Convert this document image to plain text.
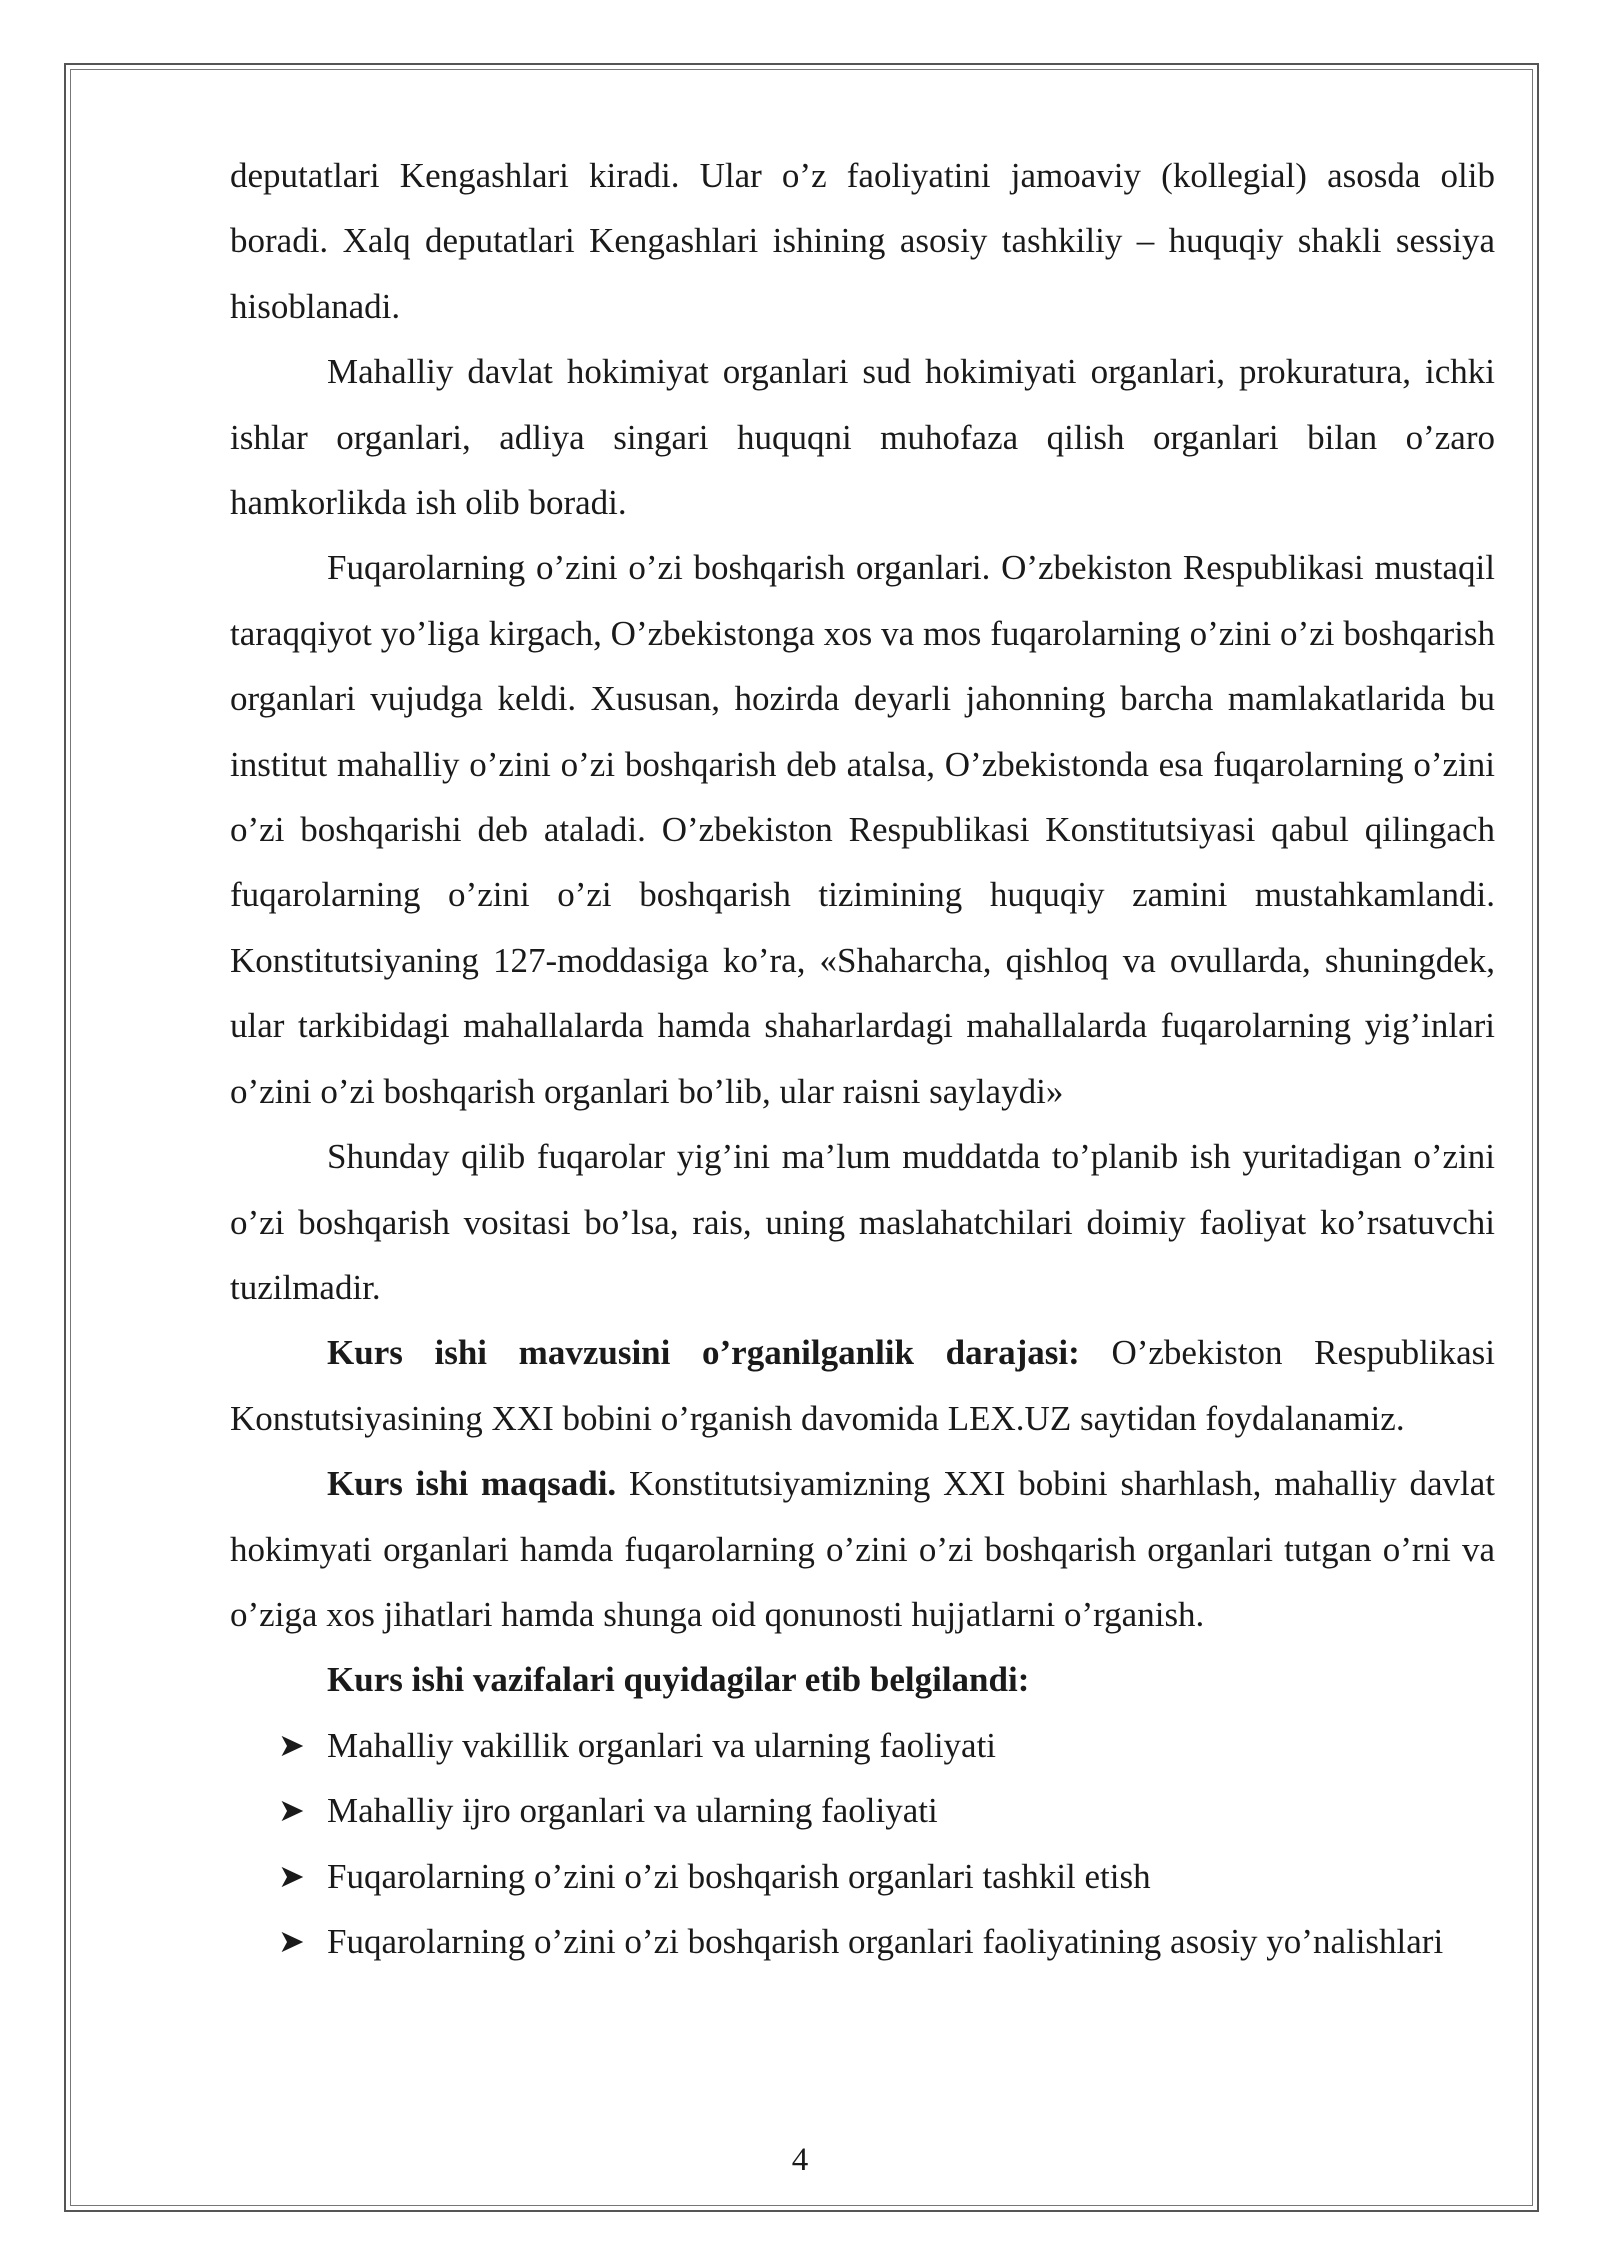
deputatlari Kengashlari kiradi. Ular o’z faoliyatini jamoaviy (kollegial) asosda olib boradi. Xalq deputatlari Kengashlari ishining asosiy tashkiliy – huquqiy shakli sessiya hisoblanadi.

Mahalliy davlat hokimiyat organlari sud hokimiyati organlari, prokuratura, ichki ishlar organlari, adliya singari huquqni muhofaza qilish organlari bilan o’zaro hamkorlikda ish olib boradi.

Fuqarolarning o’zini o’zi boshqarish organlari. O’zbekiston Respublikasi mustaqil taraqqiyot yo’liga kirgach, O’zbekistonga xos va mos fuqarolarning o’zini o’zi boshqarish organlari vujudga keldi. Xususan, hozirda deyarli jahonning barcha mamlakatlarida bu institut mahalliy o’zini o’zi boshqarish deb atalsa, O’zbekistonda esa fuqarolarning o’zini o’zi boshqarishi deb ataladi. O’zbekiston Respublikasi Konstitutsiyasi qabul qilingach fuqarolarning o’zini o’zi boshqarish tizimining huquqiy zamini mustahkamlandi. Konstitutsiyaning 127-moddasiga ko’ra, «Shaharcha, qishloq va ovullarda, shuningdek, ular tarkibidagi mahallalarda hamda shaharlardagi mahallalarda fuqarolarning yig’inlari o’zini o’zi boshqarish organlari bo’lib, ular raisni saylaydi»

Shunday qilib fuqarolar yig’ini ma’lum muddatda to’planib ish yuritadigan o’zini o’zi boshqarish vositasi bo’lsa, rais, uning maslahatchilari doimiy faoliyat ko’rsatuvchi tuzilmadir.

Kurs ishi mavzusini o’rganilganlik darajasi: O’zbekiston Respublikasi Konstutsiyasining XXI bobini o’rganish davomida LEX.UZ saytidan foydalanamiz.

Kurs ishi maqsadi. Konstitutsiyamizning XXI bobini sharhlash, mahalliy davlat hokimyati organlari hamda fuqarolarning o’zini o’zi boshqarish organlari tutgan o’rni va o’ziga xos jihatlari hamda shunga oid qonunosti hujjatlarni o’rganish.

Kurs ishi vazifalari quyidagilar etib belgilandi:

➤ Mahalliy vakillik organlari va ularning faoliyati
➤ Mahalliy ijro organlari va ularning faoliyati
➤ Fuqarolarning o’zini o’zi boshqarish organlari tashkil etish
➤ Fuqarolarning o’zini o’zi boshqarish organlari faoliyatining asosiy yo’nalishlari
4
